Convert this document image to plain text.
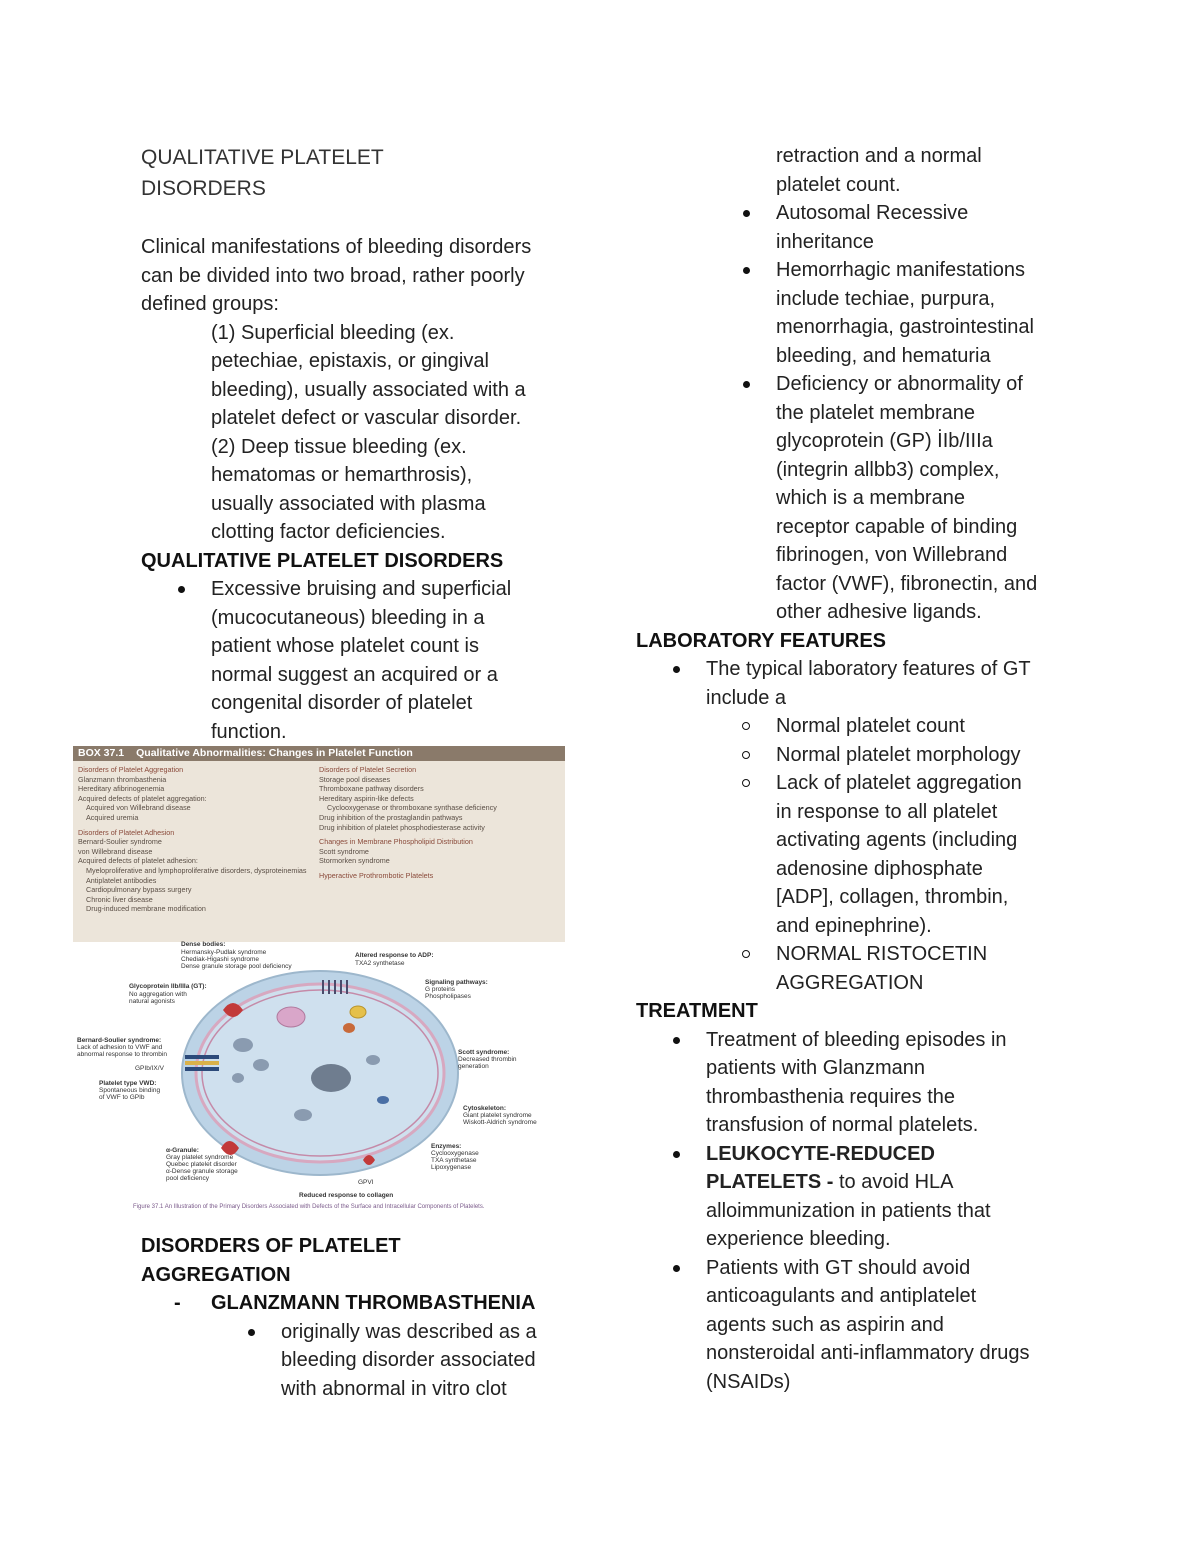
QUALITATIVE PLATELET

DISORDERS

Clinical manifestations of bleeding disorders

can be divided into two broad, rather poorly

defined groups:

(1) Superficial bleeding (ex.

petechiae, epistaxis, or gingival

bleeding), usually associated with a

platelet defect or vascular disorder.

(2) Deep tissue bleeding (ex.

hematomas or hemarthrosis),

usually associated with plasma

clotting factor deficiencies.

QUALITATIVE PLATELET DISORDERS

Excessive bruising and superficial
(mucocutaneous) bleeding in a
patient whose platelet count is
normal suggest an acquired or a
congenital disorder of platelet
function.
BOX 37.1 Qualitative Abnormalities: Changes in Platelet Function
Disorders of Platelet Aggregation
Glanzmann thrombasthenia
Hereditary afibrinogenemia
Acquired defects of platelet aggregation:
Acquired von Willebrand disease
Acquired uremia
Disorders of Platelet Adhesion
Bernard-Soulier syndrome
von Willebrand disease
Acquired defects of platelet adhesion:
Myeloproliferative and lymphoproliferative disorders, dysproteinemias
Antiplatelet antibodies
Cardiopulmonary bypass surgery
Chronic liver disease
Drug-induced membrane modification
Disorders of Platelet Secretion
Storage pool diseases
Thromboxane pathway disorders
Hereditary aspirin-like defects
Cyclooxygenase or thromboxane synthase deficiency
Drug inhibition of the prostaglandin pathways
Drug inhibition of platelet phosphodiesterase activity
Changes in Membrane Phospholipid Distribution
Scott syndrome
Stormorken syndrome
Hyperactive Prothrombotic Platelets
Dense bodies:
Hermansky-Pudlak syndrome
Chediak-Higashi syndrome
Dense granule storage pool deficiency
Altered response to ADP:
TXA2 synthetase
Glycoprotein IIb/IIIa (GT):
No aggregation with
natural agonists
Signaling pathways:
G proteins
Phospholipases
Bernard-Soulier syndrome:
Lack of adhesion to VWF and
abnormal response to thrombin
GPIb/IX/V
Scott syndrome:
Decreased thrombin
generation
Platelet type VWD:
Spontaneous binding
of VWF to GPIb
Cytoskeleton:
Giant platelet syndrome
Wiskott-Aldrich syndrome
α-Granule:
Gray platelet syndrome
Quebec platelet disorder
α-Dense granule storage
pool deficiency
Enzymes:
Cyclooxygenase
TXA synthetase
Lipoxygenase
GPVI
Reduced response to collagen
Figure 37.1 An Illustration of the Primary Disorders Associated with Defects of the Surface and Intracellular Components of Platelets.

DISORDERS OF PLATELET

AGGREGATION

-	GLANZMANN THROMBASTHENIA
originally was described as a
bleeding disorder associated
with abnormal in vitro clot
retraction and a normal
platelet count.
Autosomal Recessive
inheritance
Hemorrhagic manifestations
include techiae, purpura,
menorrhagia, gastrointestinal
bleeding, and hematuria
Deficiency or abnormality of
the platelet membrane
glycoprotein (GP) İIb/IIIa
(integrin allbb3) complex,
which is a membrane
receptor capable of binding
fibrinogen, von Willebrand
factor (VWF), fibronectin, and
other adhesive ligands.

LABORATORY FEATURES

The typical laboratory features of GT
include a
Normal platelet count
Normal platelet morphology
Lack of platelet aggregation
in response to all platelet
activating agents (including
adenosine diphosphate
[ADP], collagen, thrombin,
and epinephrine).
NORMAL RISTOCETIN
AGGREGATION

TREATMENT

Treatment of bleeding episodes in
patients with Glanzmann
thrombasthenia requires the
transfusion of normal platelets.
LEUKOCYTE-REDUCED
PLATELETS - to avoid HLA
alloimmunization in patients that
experience bleeding.
Patients with GT should avoid
anticoagulants and antiplatelet
agents such as aspirin and
nonsteroidal anti-inflammatory drugs
(NSAIDs)
